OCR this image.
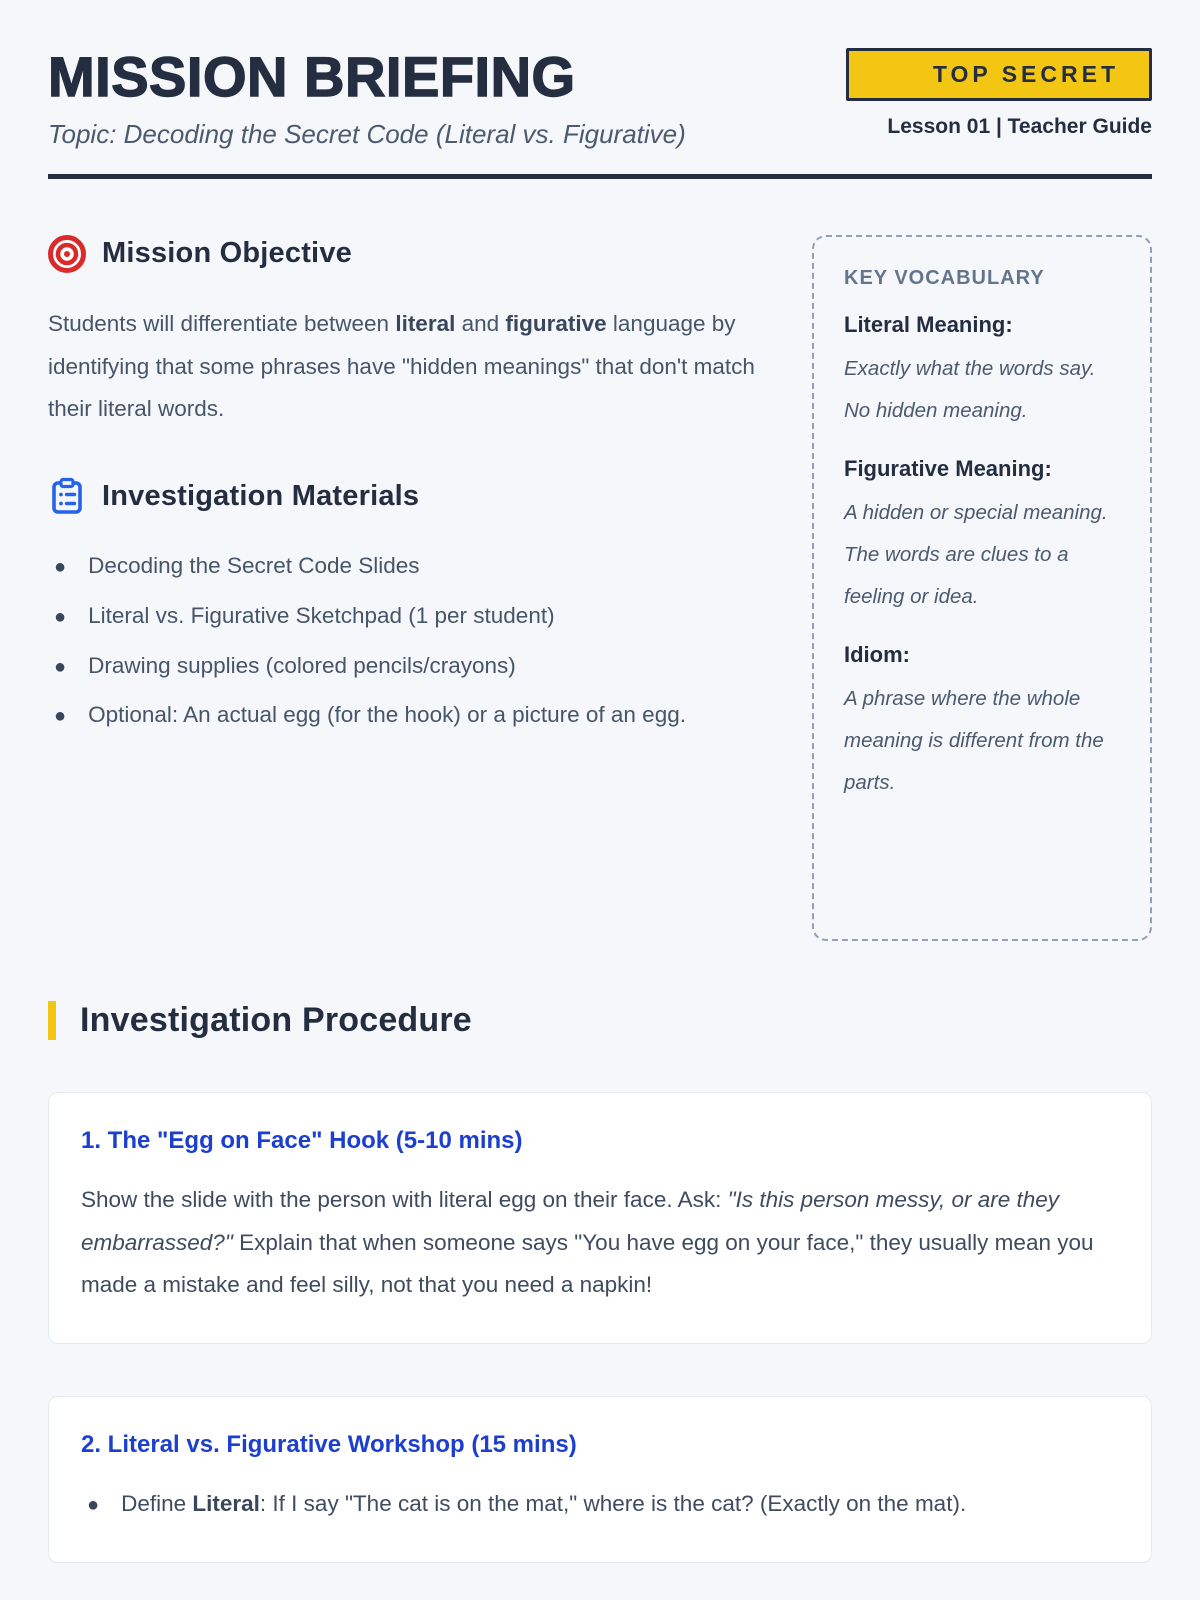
MISSION BRIEFING
Topic: Decoding the Secret Code (Literal vs. Figurative)
TOP SECRET
Lesson 01 | Teacher Guide
Mission Objective

Students will differentiate between literal and figurative language by identifying that some phrases have "hidden meanings" that don't match their literal words.

Investigation Materials
● Decoding the Secret Code Slides
● Literal vs. Figurative Sketchpad (1 per student)
● Drawing supplies (colored pencils/crayons)
● Optional: An actual egg (for the hook) or a picture of an egg.
KEY VOCABULARY
Literal Meaning:
Exactly what the words say. No hidden meaning.
Figurative Meaning:
A hidden or special meaning. The words are clues to a feeling or idea.
Idiom:
A phrase where the whole meaning is different from the parts.
Investigation Procedure
1. The "Egg on Face" Hook (5-10 mins)

Show the slide with the person with literal egg on their face. Ask: "Is this person messy, or are they embarrassed?" Explain that when someone says "You have egg on your face," they usually mean you made a mistake and feel silly, not that you need a napkin!

2. Literal vs. Figurative Workshop (15 mins)
● Define Literal: If I say "The cat is on the mat," where is the cat? (Exactly on the mat).
